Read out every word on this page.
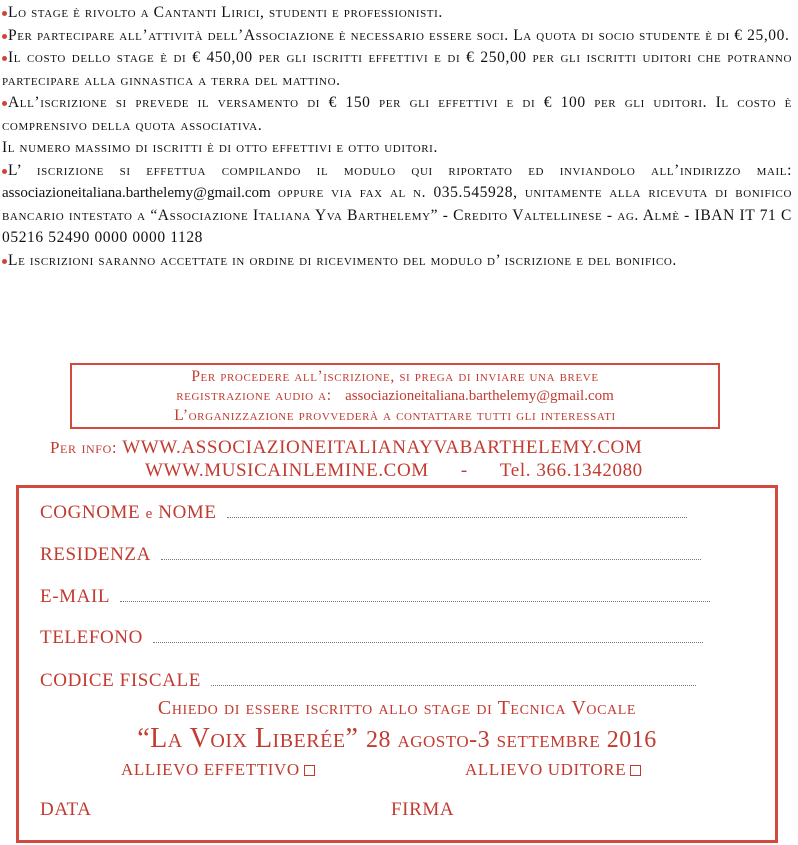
Lo stage è rivolto a Cantanti Lirici, studenti e professionisti.

Per partecipare all’attività dell’Associazione è necessario essere soci. La quota di socio studente è di € 25,00.

Il costo dello stage è di € 450,00 per gli iscritti effettivi e di € 250,00 per gli iscritti uditori che potranno partecipare alla ginnastica a terra del mattino.

All’iscrizione si prevede il versamento di € 150 per gli effettivi e di € 100 per gli uditori. Il costo è comprensivo della quota associativa.

Il numero massimo di iscritti è di otto effettivi e otto uditori.

L’ iscrizione si effettua compilando il modulo qui riportato ed inviandolo all’indirizzo mail: associazioneitaliana.barthelemy@gmail.com oppure via fax al n. 035.545928, unitamente alla ricevuta di bonifico bancario intestato a “Associazione Italiana Yva Barthelemy” - Credito Valtellinese - ag. Almè - IBAN IT 71 C 05216 52490 0000 0000 1128

Le iscrizioni saranno accettate in ordine di ricevimento del modulo d’ iscrizione e del bonifico.

Per procedere all’iscrizione, si prega di inviare una breve
registrazione audio a: associazioneitaliana.barthelemy@gmail.com
L’organizzazione provvederà a contattare tutti gli interessati
Per info: WWW.ASSOCIAZIONEITALIANAYVABARTHELEMY.COM
WWW.MUSICAINLEMINE.COM - Tel. 366.1342080
COGNOME e NOME
RESIDENZA
E-MAIL
TELEFONO
CODICE FISCALE
Chiedo di essere iscritto allo stage di Tecnica Vocale
“La Voix Liberée” 28 agosto-3 settembre 2016
ALLIEVO EFFETTIVO	ALLIEVO UDITORE
DATA	FIRMA
